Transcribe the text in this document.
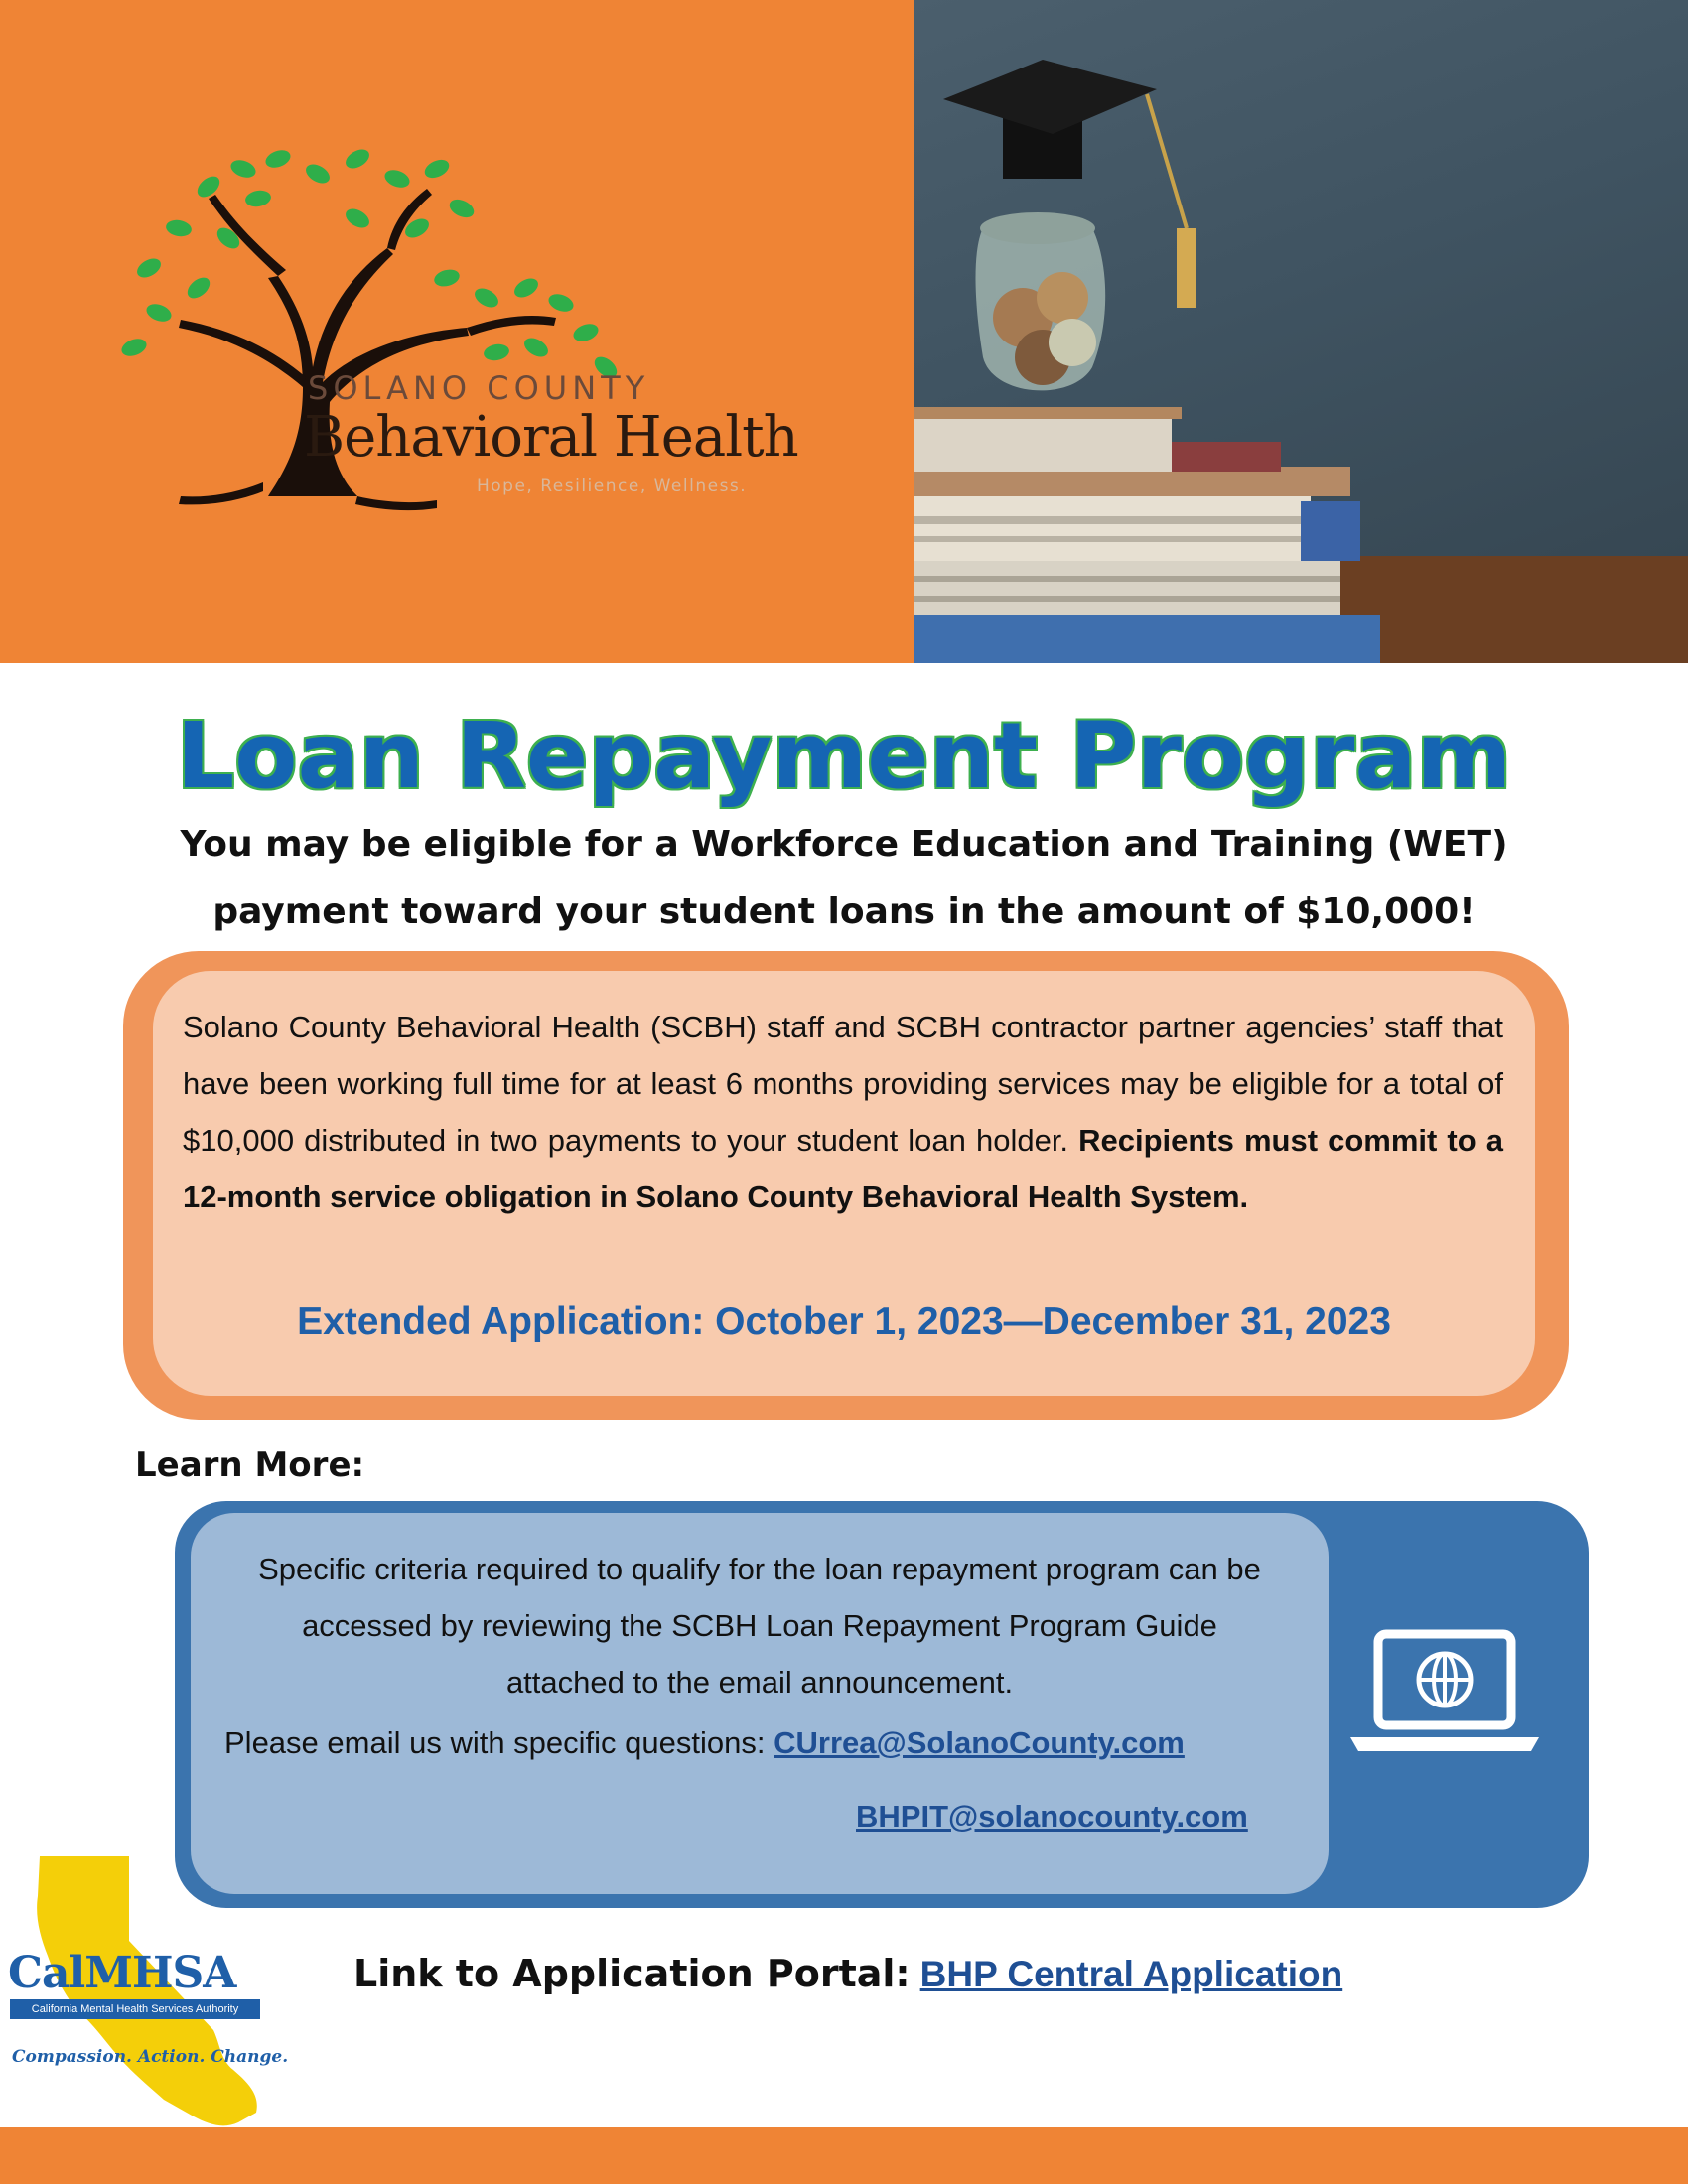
SOLANO COUNTY
Behavioral Health
Hope, Resilience, Wellness.
Loan Repayment Program
You may be eligible for a Workforce Education and Training (WET)
payment toward your student loans in the amount of $10,000!
Solano County Behavioral Health (SCBH) staff and SCBH contractor partner agencies’ staff that have been working full time for at least 6 months providing services may be eligible for a total of $10,000 distributed in two payments to your student loan holder. Recipients must commit to a 12-month service obligation in Solano County Behavioral Health System.
Extended Application: October 1, 2023—December 31, 2023
Learn More:
Specific criteria required to qualify for the loan repayment program can be accessed by reviewing the SCBH Loan Repayment Program Guide attached to the email announcement.
Please email us with specific questions: CUrrea@SolanoCounty.com
BHPIT@solanocounty.com
CalMHSA
California Mental Health Services Authority
Compassion. Action. Change.
Link to Application Portal: BHP Central Application
